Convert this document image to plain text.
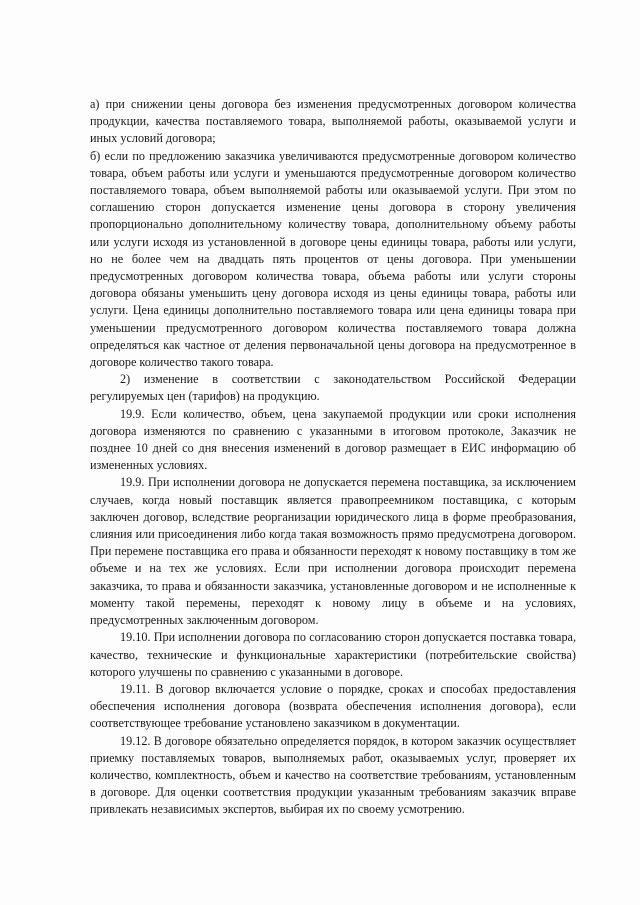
а) при снижении цены договора без изменения предусмотренных договором количества продукции, качества поставляемого товара, выполняемой работы, оказываемой услуги и иных условий договора;

б) если по предложению заказчика увеличиваются предусмотренные договором количество товара, объем работы или услуги и уменьшаются предусмотренные договором количество поставляемого товара, объем выполняемой работы или оказываемой услуги. При этом по соглашению сторон допускается изменение цены договора в сторону увеличения пропорционально дополнительному количеству товара, дополнительному объему работы или услуги исходя из установленной в договоре цены единицы товара, работы или услуги, но не более чем на двадцать пять процентов от цены договора. При уменьшении предусмотренных договором количества товара, объема работы или услуги стороны договора обязаны уменьшить цену договора исходя из цены единицы товара, работы или услуги. Цена единицы дополнительно поставляемого товара или цена единицы товара при уменьшении предусмотренного договором количества поставляемого товара должна определяться как частное от деления первоначальной цены договора на предусмотренное в договоре количество такого товара.

2) изменение в соответствии с законодательством Российской Федерации регулируемых цен (тарифов) на продукцию.

19.9. Если количество, объем, цена закупаемой продукции или сроки исполнения договора изменяются по сравнению с указанными в итоговом протоколе, Заказчик не позднее 10 дней со дня внесения изменений в договор размещает в ЕИС информацию об измененных условиях.

19.9. При исполнении договора не допускается перемена поставщика, за исключением случаев, когда новый поставщик является правопреемником поставщика, с которым заключен договор, вследствие реорганизации юридического лица в форме преобразования, слияния или присоединения либо когда такая возможность прямо предусмотрена договором. При перемене поставщика его права и обязанности переходят к новому поставщику в том же объеме и на тех же условиях. Если при исполнении договора происходит перемена заказчика, то права и обязанности заказчика, установленные договором и не исполненные к моменту такой перемены, переходят к новому лицу в объеме и на условиях, предусмотренных заключенным договором.

19.10. При исполнении договора по согласованию сторон допускается поставка товара, качество, технические и функциональные характеристики (потребительские свойства) которого улучшены по сравнению с указанными в договоре.

19.11. В договор включается условие о порядке, сроках и способах предоставления обеспечения исполнения договора (возврата обеспечения исполнения договора), если соответствующее требование установлено заказчиком в документации.

19.12. В договоре обязательно определяется порядок, в котором заказчик осуществляет приемку поставляемых товаров, выполняемых работ, оказываемых услуг, проверяет их количество, комплектность, объем и качество на соответствие требованиям, установленным в договоре. Для оценки соответствия продукции указанным требованиям заказчик вправе привлекать независимых экспертов, выбирая их по своему усмотрению.
